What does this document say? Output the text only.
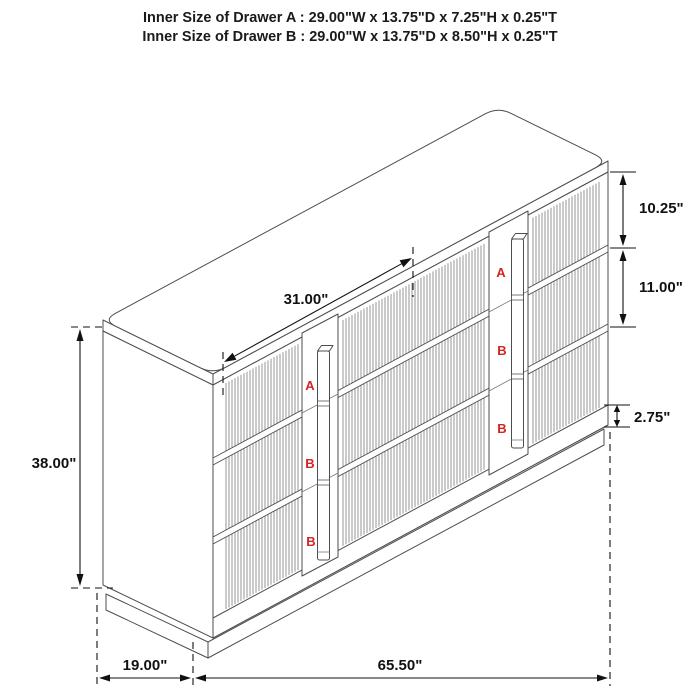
Inner Size of Drawer A : 29.00"W x 13.75"D x 7.25"H x 0.25"T
Inner Size of Drawer B : 29.00"W x 13.75"D x 8.50"H x 0.25"T
A
B
B
A
B
B
31.00"
38.00"
10.25"
11.00"
2.75"
19.00"	65.50"
